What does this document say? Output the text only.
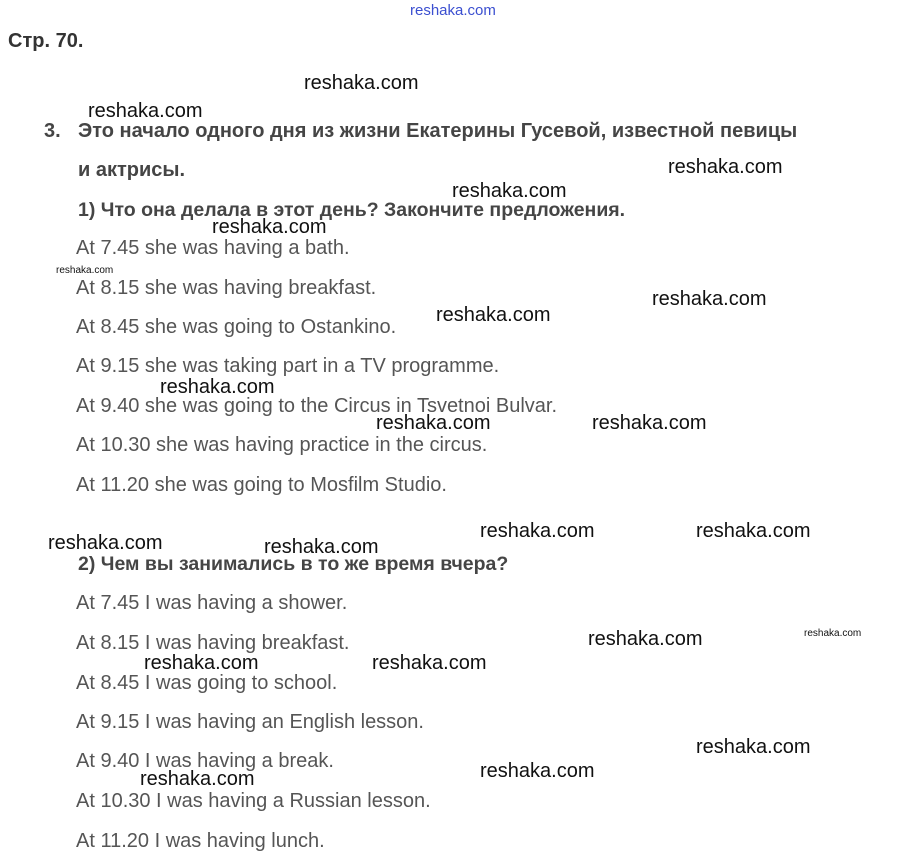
reshaka.com
Стр. 70.
3. Это начало одного дня из жизни Екатерины Гусевой, известной певицы
и актрисы.
1) Что она делала в этот день? Закончите предложения.
At 7.45 she was having a bath.
At 8.15 she was having breakfast.
At 8.45 she was going to Ostankino.
At 9.15 she was taking part in a TV programme.
At 9.40 she was going to the Circus in Tsvetnoi Bulvar.
At 10.30 she was having practice in the circus.
At 11.20 she was going to Mosfilm Studio.
2) Чем вы занимались в то же время вчера?
At 7.45 I was having a shower.
At 8.15 I was having breakfast.
At 8.45 I was going to school.
At 9.15 I was having an English lesson.
At 9.40 I was having a break.
At 10.30 I was having a Russian lesson.
At 11.20 I was having lunch.
reshaka.com
reshaka.com
reshaka.com
reshaka.com
reshaka.com
reshaka.com
reshaka.com
reshaka.com
reshaka.com
reshaka.com	reshaka.com
reshaka.com	reshaka.com
reshaka.com	reshaka.com
reshaka.com	reshaka.com
reshaka.com	reshaka.com
reshaka.com
reshaka.com
reshaka.com
